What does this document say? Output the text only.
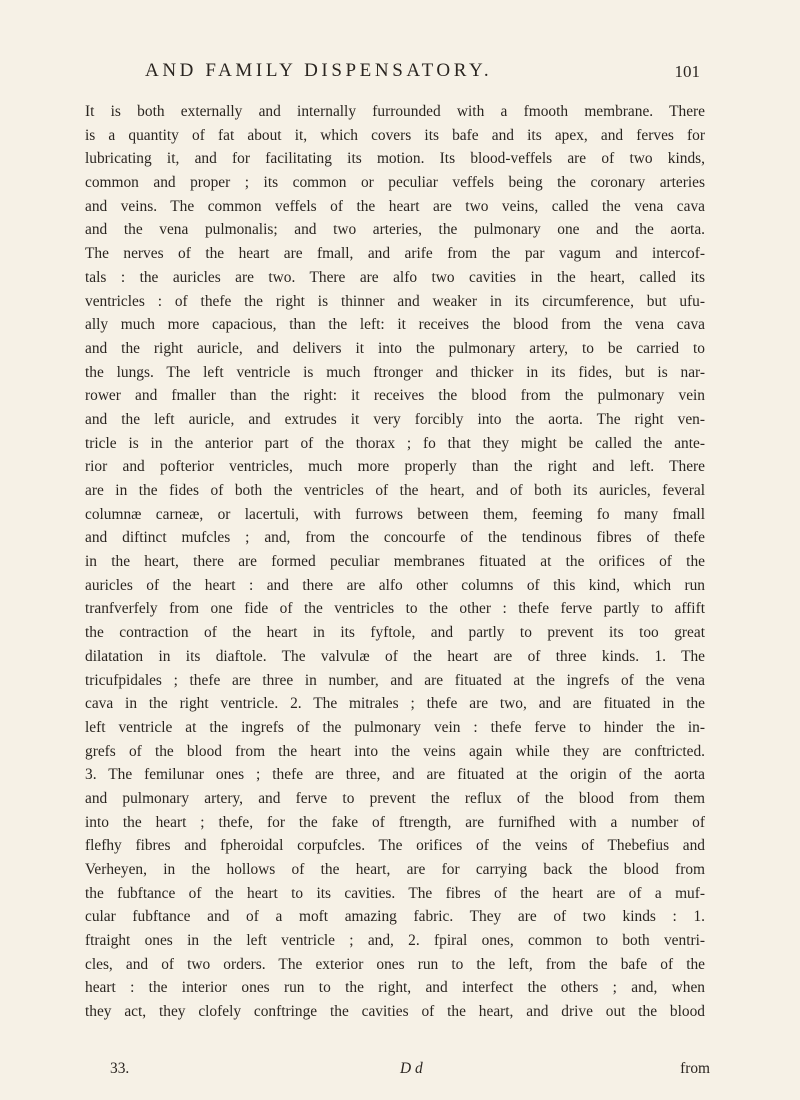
AND FAMILY DISPENSATORY.	101
It is both externally and internally furrounded with a fmooth membrane. There
is a quantity of fat about it, which covers its bafe and its apex, and ferves for
lubricating it, and for facilitating its motion. Its blood-veffels are of two kinds,
common and proper ; its common or peculiar veffels being the coronary arteries
and veins. The common veffels of the heart are two veins, called the vena cava
and the vena pulmonalis; and two arteries, the pulmonary one and the aorta.
The nerves of the heart are fmall, and arife from the par vagum and intercof-
tals : the auricles are two. There are alfo two cavities in the heart, called its
ventricles : of thefe the right is thinner and weaker in its circumference, but ufu-
ally much more capacious, than the left: it receives the blood from the vena cava
and the right auricle, and delivers it into the pulmonary artery, to be carried to
the lungs. The left ventricle is much ftronger and thicker in its fides, but is nar-
rower and fmaller than the right: it receives the blood from the pulmonary vein
and the left auricle, and extrudes it very forcibly into the aorta. The right ven-
tricle is in the anterior part of the thorax ; fo that they might be called the ante-
rior and pofterior ventricles, much more properly than the right and left. There
are in the fides of both the ventricles of the heart, and of both its auricles, feveral
columnæ carneæ, or lacertuli, with furrows between them, feeming fo many fmall
and diftinct mufcles ; and, from the concourfe of the tendinous fibres of thefe
in the heart, there are formed peculiar membranes fituated at the orifices of the
auricles of the heart : and there are alfo other columns of this kind, which run
tranfverfely from one fide of the ventricles to the other : thefe ferve partly to affift
the contraction of the heart in its fyftole, and partly to prevent its too great
dilatation in its diaftole. The valvulæ of the heart are of three kinds. 1. The
tricufpidales ; thefe are three in number, and are fituated at the ingrefs of the vena
cava in the right ventricle. 2. The mitrales ; thefe are two, and are fituated in the
left ventricle at the ingrefs of the pulmonary vein : thefe ferve to hinder the in-
grefs of the blood from the heart into the veins again while they are conftricted.
3. The femilunar ones ; thefe are three, and are fituated at the origin of the aorta
and pulmonary artery, and ferve to prevent the reflux of the blood from them
into the heart ; thefe, for the fake of ftrength, are furnifhed with a number of
flefhy fibres and fpheroidal corpufcles. The orifices of the veins of Thebefius and
Verheyen, in the hollows of the heart, are for carrying back the blood from
the fubftance of the heart to its cavities. The fibres of the heart are of a muf-
cular fubftance and of a moft amazing fabric. They are of two kinds : 1.
ftraight ones in the left ventricle ; and, 2. fpiral ones, common to both ventri-
cles, and of two orders. The exterior ones run to the left, from the bafe of the
heart : the interior ones run to the right, and interfect the others ; and, when
they act, they clofely conftringe the cavities of the heart, and drive out the blood
33.	D d	from
